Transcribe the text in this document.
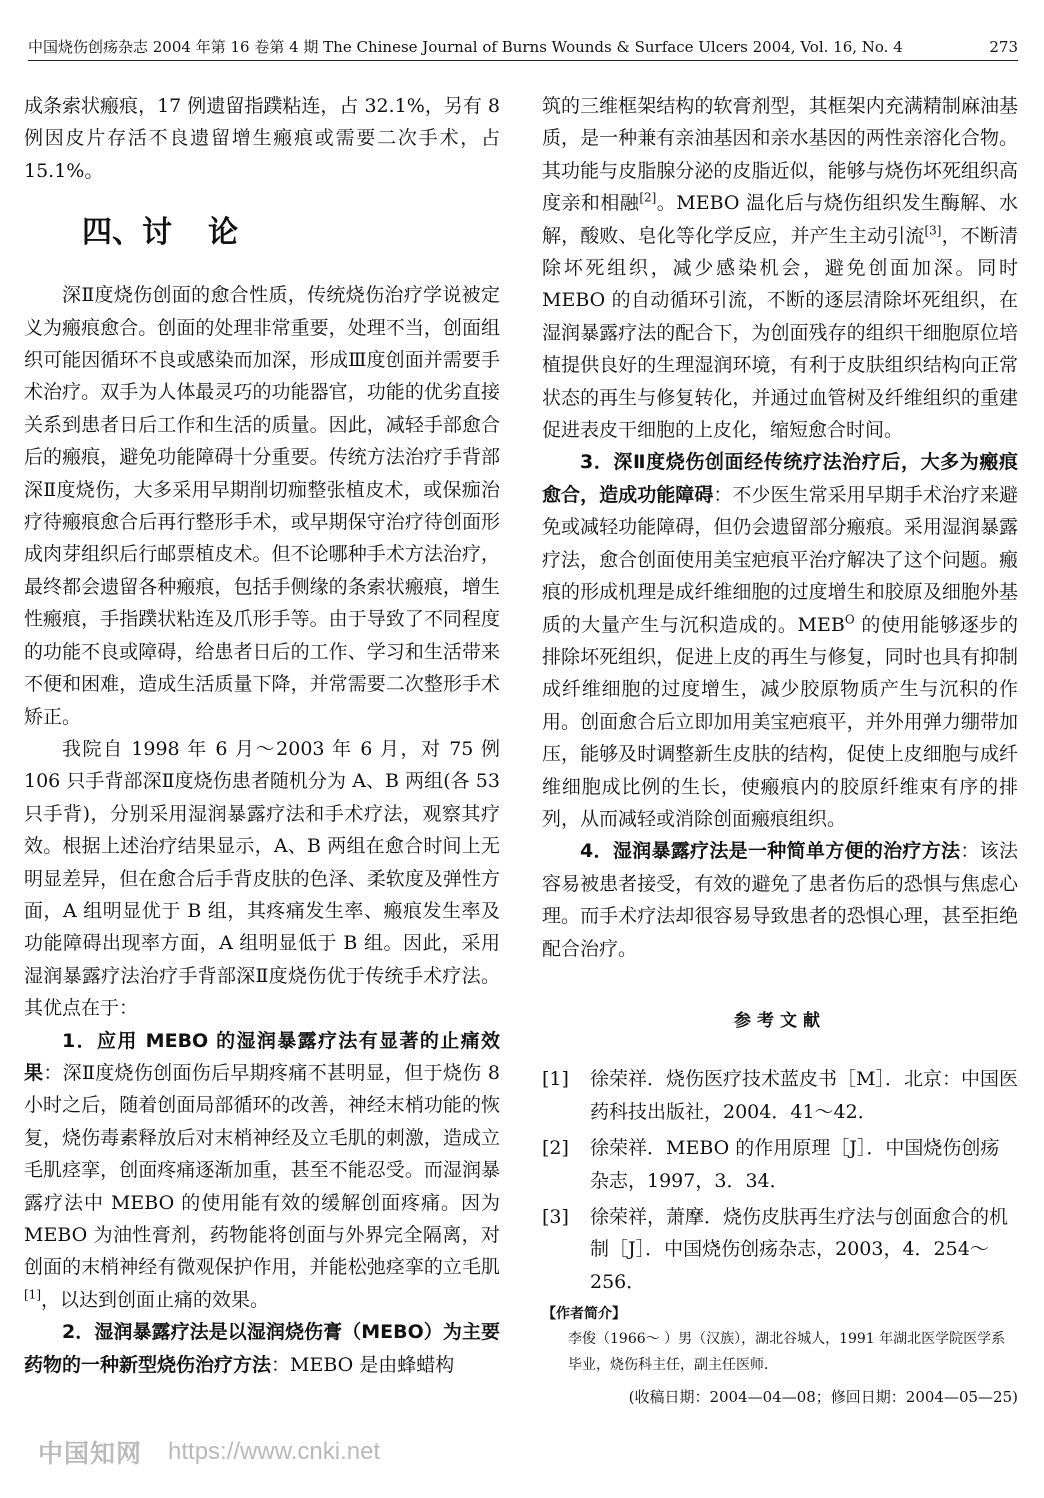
中国烧伤创疡杂志 2004 年第 16 卷第 4 期 The Chinese Journal of Burns Wounds & Surface Ulcers 2004, Vol. 16, No. 4	273

成条索状瘢痕，17 例遗留指蹼粘连，占 32.1%，另有 8 例因皮片存活不良遗留增生瘢痕或需要二次手术，占 15.1%。

四、讨 论

深Ⅱ度烧伤创面的愈合性质，传统烧伤治疗学说被定义为瘢痕愈合。创面的处理非常重要，处理不当，创面组织可能因循环不良或感染而加深，形成Ⅲ度创面并需要手术治疗。双手为人体最灵巧的功能器官，功能的优劣直接关系到患者日后工作和生活的质量。因此，减轻手部愈合后的瘢痕，避免功能障碍十分重要。传统方法治疗手背部深Ⅱ度烧伤，大多采用早期削切痂整张植皮术，或保痂治疗待瘢痕愈合后再行整形手术，或早期保守治疗待创面形成肉芽组织后行邮票植皮术。但不论哪种手术方法治疗，最终都会遗留各种瘢痕，包括手侧缘的条索状瘢痕，增生性瘢痕，手指蹼状粘连及爪形手等。由于导致了不同程度的功能不良或障碍，给患者日后的工作、学习和生活带来不便和困难，造成生活质量下降，并常需要二次整形手术矫正。

我院自 1998 年 6 月～2003 年 6 月，对 75 例 106 只手背部深Ⅱ度烧伤患者随机分为 A、B 两组(各 53 只手背)，分别采用湿润暴露疗法和手术疗法，观察其疗效。根据上述治疗结果显示，A、B 两组在愈合时间上无明显差异，但在愈合后手背皮肤的色泽、柔软度及弹性方面，A 组明显优于 B 组，其疼痛发生率、瘢痕发生率及功能障碍出现率方面，A 组明显低于 B 组。因此，采用湿润暴露疗法治疗手背部深Ⅱ度烧伤优于传统手术疗法。其优点在于：

1．应用 MEBO 的湿润暴露疗法有显著的止痛效果：深Ⅱ度烧伤创面伤后早期疼痛不甚明显，但于烧伤 8 小时之后，随着创面局部循环的改善，神经末梢功能的恢复，烧伤毒素释放后对末梢神经及立毛肌的刺激，造成立毛肌痉挛，创面疼痛逐渐加重，甚至不能忍受。而湿润暴露疗法中 MEBO 的使用能有效的缓解创面疼痛。因为 MEBO 为油性膏剂，药物能将创面与外界完全隔离，对创面的末梢神经有微观保护作用，并能松弛痉挛的立毛肌[1]，以达到创面止痛的效果。

2．湿润暴露疗法是以湿润烧伤膏（MEBO）为主要药物的一种新型烧伤治疗方法：MEBO 是由蜂蜡构

筑的三维框架结构的软膏剂型，其框架内充满精制麻油基质，是一种兼有亲油基因和亲水基因的两性亲溶化合物。其功能与皮脂腺分泌的皮脂近似，能够与烧伤坏死组织高度亲和相融[2]。MEBO 温化后与烧伤组织发生酶解、水解，酸败、皂化等化学反应，并产生主动引流[3]，不断清除坏死组织，减少感染机会，避免创面加深。同时 MEBO 的自动循环引流，不断的逐层清除坏死组织，在湿润暴露疗法的配合下，为创面残存的组织干细胞原位培植提供良好的生理湿润环境，有利于皮肤组织结构向正常状态的再生与修复转化，并通过血管树及纤维组织的重建促进表皮干细胞的上皮化，缩短愈合时间。

3．深Ⅱ度烧伤创面经传统疗法治疗后，大多为瘢痕愈合，造成功能障碍：不少医生常采用早期手术治疗来避免或减轻功能障碍，但仍会遗留部分瘢痕。采用湿润暴露疗法，愈合创面使用美宝疤痕平治疗解决了这个问题。瘢痕的形成机理是成纤维细胞的过度增生和胶原及细胞外基质的大量产生与沉积造成的。$MEB^O$ 的使用能够逐步的排除坏死组织，促进上皮的再生与修复，同时也具有抑制成纤维细胞的过度增生，减少胶原物质产生与沉积的作用。创面愈合后立即加用美宝疤痕平，并外用弹力绷带加压，能够及时调整新生皮肤的结构，促使上皮细胞与成纤维细胞成比例的生长，使瘢痕内的胶原纤维束有序的排列，从而减轻或消除创面瘢痕组织。

4．湿润暴露疗法是一种简单方便的治疗方法：该法容易被患者接受，有效的避免了患者伤后的恐惧与焦虑心理。而手术疗法却很容易导致患者的恐惧心理，甚至拒绝配合治疗。

参考文献
[1]	徐荣祥．烧伤医疗技术蓝皮书［M］．北京：中国医药科技出版社，2004．41～42．
[2]	徐荣祥．MEBO 的作用原理［J］．中国烧伤创疡杂志，1997，3．34．
[3]	徐荣祥，萧摩．烧伤皮肤再生疗法与创面愈合的机制［J］．中国烧伤创疡杂志，2003，4．254～256．
【作者简介】
李俊（1966～ ）男（汉族），湖北谷城人，1991 年湖北医学院医学系毕业，烧伤科主任，副主任医师．
(收稿日期：2004—04—08；修回日期：2004—05—25)
中国知网 https://www.cnki.net
